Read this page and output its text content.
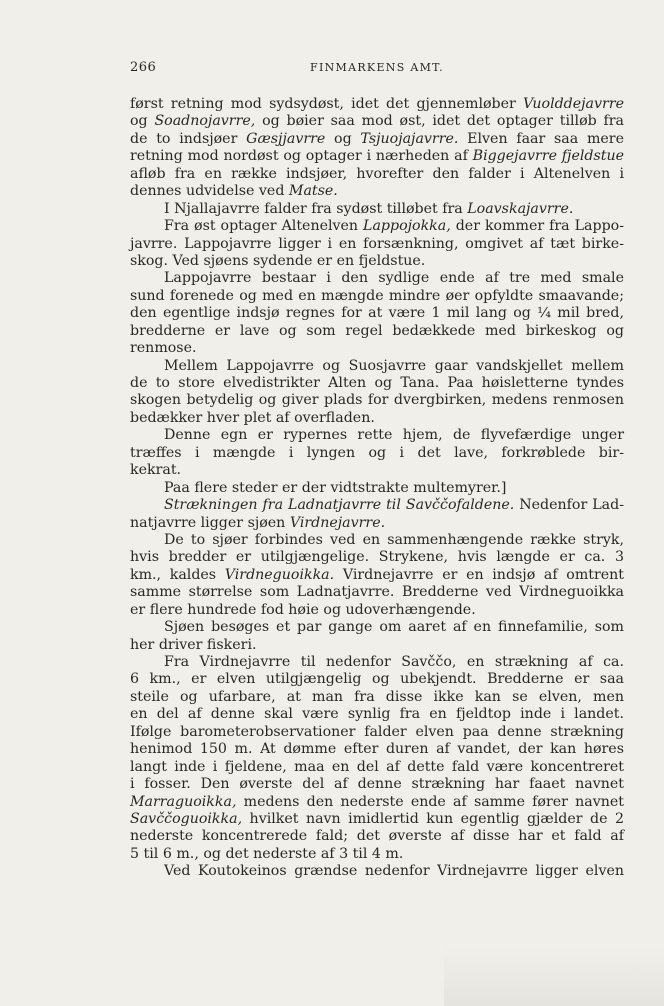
266	FINMARKENS AMT.
først retning mod sydsydøst, idet det gjennemløber Vuolddejavrre
og Soadnojavrre, og bøier saa mod øst, idet det optager tilløb fra
de to indsjøer Gæsjjavrre og Tsjuojajavrre. Elven faar saa mere
retning mod nordøst og optager i nærheden af Biggejavrre fjeldstue
afløb fra en række indsjøer, hvorefter den falder i Altenelven i
dennes udvidelse ved Matse.
I Njallajavrre falder fra sydøst tilløbet fra Loavskajavrre.
Fra øst optager Altenelven Lappojokka, der kommer fra Lappo-
javrre. Lappojavrre ligger i en forsænkning, omgivet af tæt birke-
skog. Ved sjøens sydende er en fjeldstue.
Lappojavrre bestaar i den sydlige ende af tre med smale
sund forenede og med en mængde mindre øer opfyldte smaavande;
den egentlige indsjø regnes for at være 1 mil lang og ¼ mil bred,
bredderne er lave og som regel bedækkede med birkeskog og
renmose.
Mellem Lappojavrre og Suosjavrre gaar vandskjellet mellem
de to store elvedistrikter Alten og Tana. Paa høisletterne tyndes
skogen betydelig og giver plads for dvergbirken, medens renmosen
bedækker hver plet af overfladen.
Denne egn er rypernes rette hjem, de flyvefærdige unger
træffes i mængde i lyngen og i det lave, forkrøblede bir-
kekrat.
Paa flere steder er der vidtstrakte multemyrer.]
Strækningen fra Ladnatjavrre til Savččofaldene. Nedenfor Lad-
natjavrre ligger sjøen Virdnejavrre.
De to sjøer forbindes ved en sammenhængende række stryk,
hvis bredder er utilgjængelige. Strykene, hvis længde er ca. 3
km., kaldes Virdneguoikka. Virdnejavrre er en indsjø af omtrent
samme størrelse som Ladnatjavrre. Bredderne ved Virdneguoikka
er flere hundrede fod høie og udoverhængende.
Sjøen besøges et par gange om aaret af en finnefamilie, som
her driver fiskeri.
Fra Virdnejavrre til nedenfor Savččo, en strækning af ca.
6 km., er elven utilgjængelig og ubekjendt. Bredderne er saa
steile og ufarbare, at man fra disse ikke kan se elven, men
en del af denne skal være synlig fra en fjeldtop inde i landet.
Ifølge barometerobservationer falder elven paa denne strækning
henimod 150 m. At dømme efter duren af vandet, der kan høres
langt inde i fjeldene, maa en del af dette fald være koncentreret
i fosser. Den øverste del af denne strækning har faaet navnet
Marraguoikka, medens den nederste ende af samme fører navnet
Savččoguoikka, hvilket navn imidlertid kun egentlig gjælder de 2
nederste koncentrerede fald; det øverste af disse har et fald af
5 til 6 m., og det nederste af 3 til 4 m.
Ved Koutokeinos grændse nedenfor Virdnejavrre ligger elven
